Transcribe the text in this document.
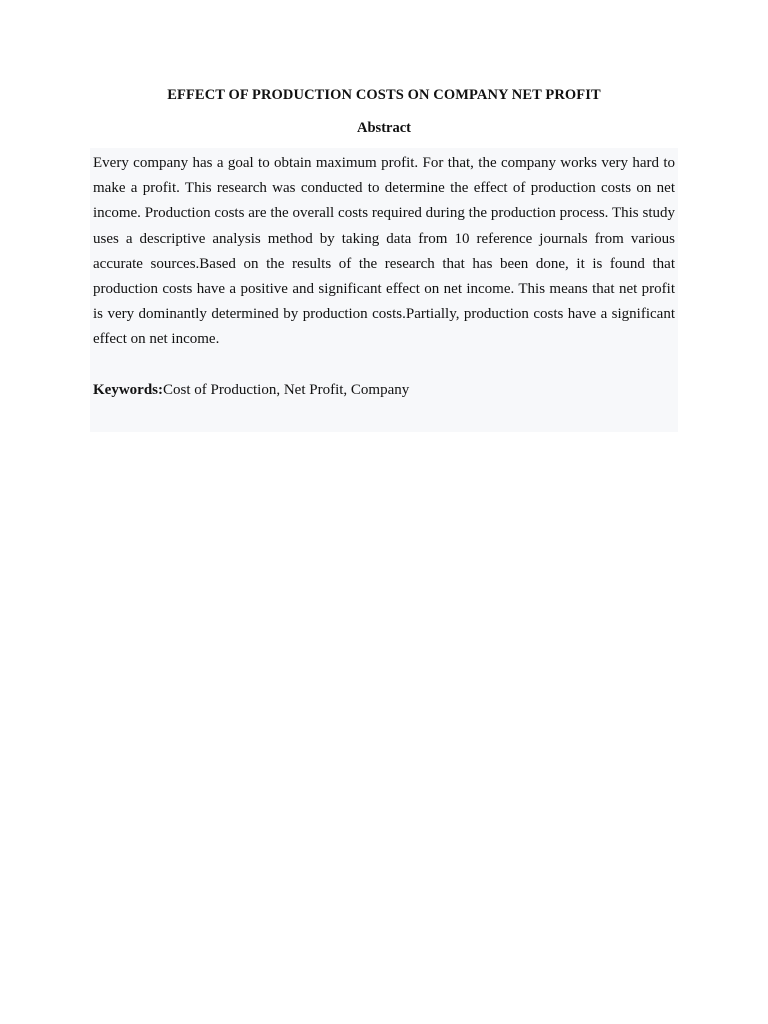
EFFECT OF PRODUCTION COSTS ON COMPANY NET PROFIT
Abstract

Every company has a goal to obtain maximum profit. For that, the company works very hard to make a profit. This research was conducted to determine the effect of production costs on net income. Production costs are the overall costs required during the production process. This study uses a descriptive analysis method by taking data from 10 reference journals from various accurate sources.Based on the results of the research that has been done, it is found that production costs have a positive and significant effect on net income. This means that net profit is very dominantly determined by production costs.Partially, production costs have a significant effect on net income.

Keywords:Cost of Production, Net Profit, Company
